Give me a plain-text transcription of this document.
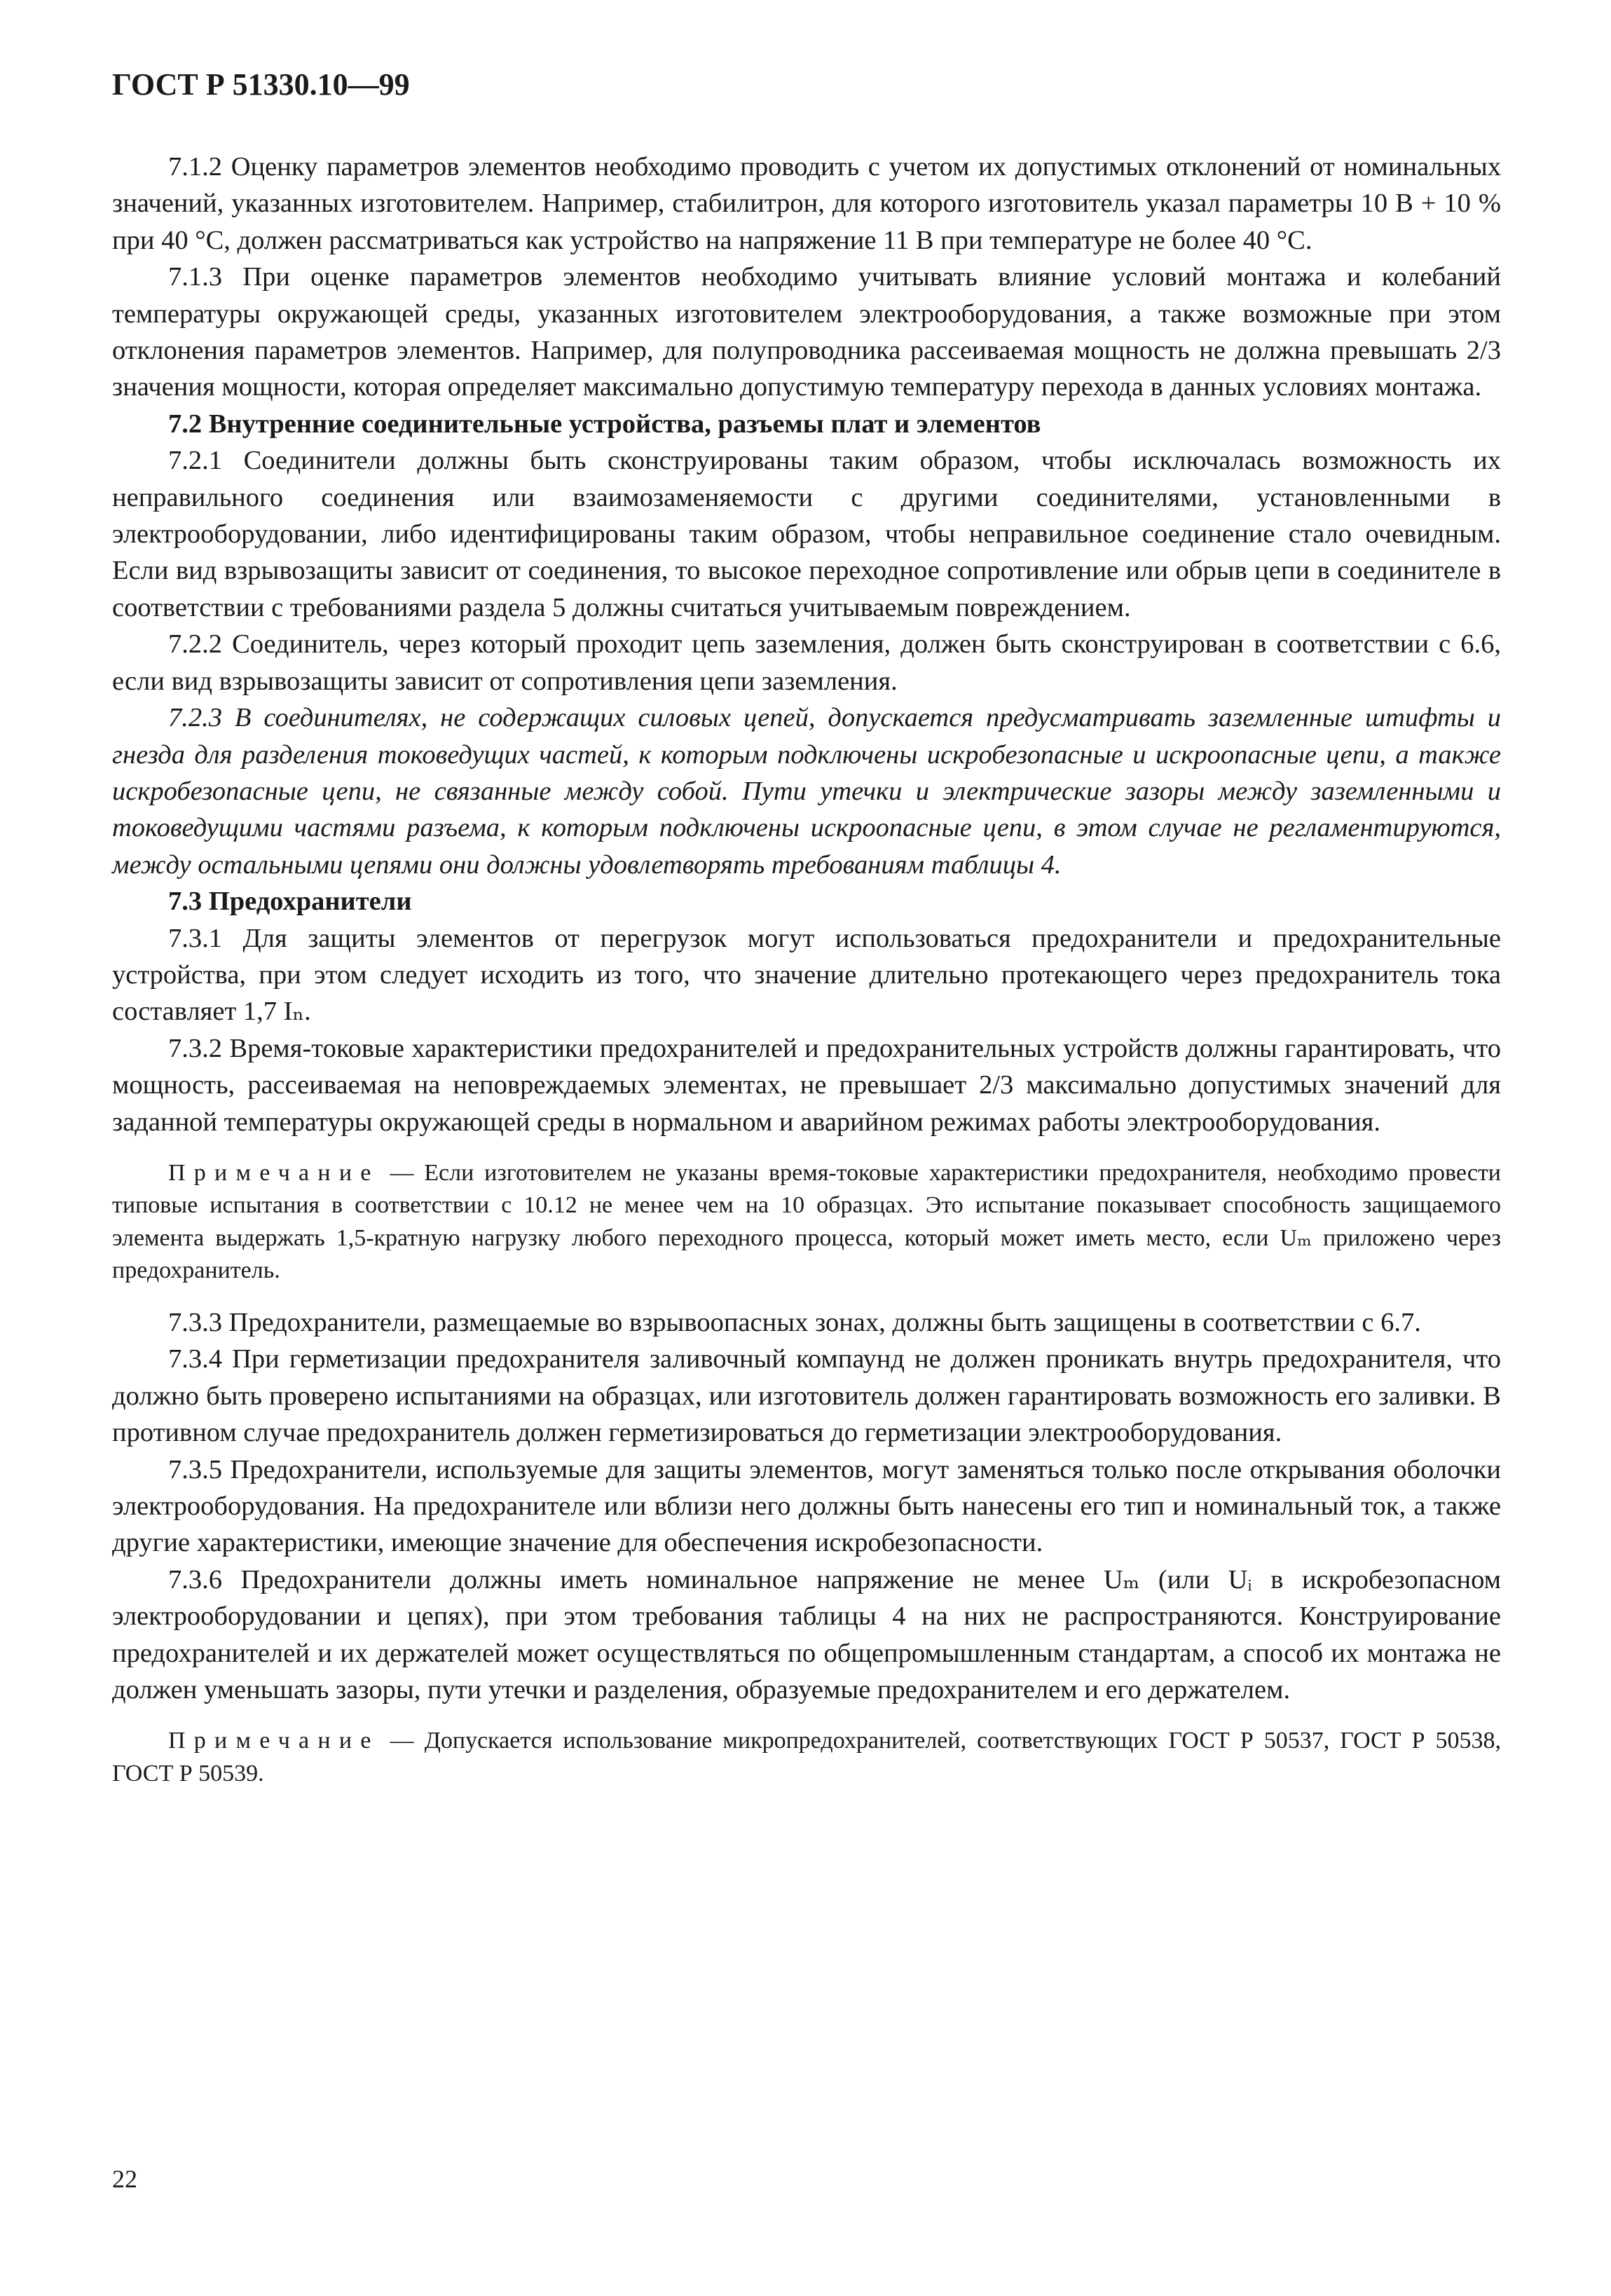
ГОСТ Р 51330.10—99

7.1.2 Оценку параметров элементов необходимо проводить с учетом их допустимых отклонений от номинальных значений, указанных изготовителем. Например, стабилитрон, для которого изготовитель указал параметры 10 В + 10 % при 40 °С, должен рассматриваться как устройство на напряжение 11 В при температуре не более 40 °С.

7.1.3 При оценке параметров элементов необходимо учитывать влияние условий монтажа и колебаний температуры окружающей среды, указанных изготовителем электрооборудования, а также возможные при этом отклонения параметров элементов. Например, для полупроводника рассеиваемая мощность не должна превышать 2/3 значения мощности, которая определяет максимально допустимую температуру перехода в данных условиях монтажа.

7.2 Внутренние соединительные устройства, разъемы плат и элементов

7.2.1 Соединители должны быть сконструированы таким образом, чтобы исключалась возможность их неправильного соединения или взаимозаменяемости с другими соединителями, установленными в электрооборудовании, либо идентифицированы таким образом, чтобы неправильное соединение стало очевидным. Если вид взрывозащиты зависит от соединения, то высокое переходное сопротивление или обрыв цепи в соединителе в соответствии с требованиями раздела 5 должны считаться учитываемым повреждением.

7.2.2 Соединитель, через который проходит цепь заземления, должен быть сконструирован в соответствии с 6.6, если вид взрывозащиты зависит от сопротивления цепи заземления.

7.2.3 В соединителях, не содержащих силовых цепей, допускается предусматривать заземленные штифты и гнезда для разделения токоведущих частей, к которым подключены искробезопасные и искроопасные цепи, а также искробезопасные цепи, не связанные между собой. Пути утечки и электрические зазоры между заземленными и токоведущими частями разъема, к которым подключены искроопасные цепи, в этом случае не регламентируются, между остальными цепями они должны удовлетворять требованиям таблицы 4.

7.3 Предохранители

7.3.1 Для защиты элементов от перегрузок могут использоваться предохранители и предохранительные устройства, при этом следует исходить из того, что значение длительно протекающего через предохранитель тока составляет 1,7 Iₙ.

7.3.2 Время-токовые характеристики предохранителей и предохранительных устройств должны гарантировать, что мощность, рассеиваемая на неповреждаемых элементах, не превышает 2/3 максимально допустимых значений для заданной температуры окружающей среды в нормальном и аварийном режимах работы электрооборудования.

Примечание — Если изготовителем не указаны время-токовые характеристики предохранителя, необходимо провести типовые испытания в соответствии с 10.12 не менее чем на 10 образцах. Это испытание показывает способность защищаемого элемента выдержать 1,5-кратную нагрузку любого переходного процесса, который может иметь место, если Uₘ приложено через предохранитель.

7.3.3 Предохранители, размещаемые во взрывоопасных зонах, должны быть защищены в соответствии с 6.7.

7.3.4 При герметизации предохранителя заливочный компаунд не должен проникать внутрь предохранителя, что должно быть проверено испытаниями на образцах, или изготовитель должен гарантировать возможность его заливки. В противном случае предохранитель должен герметизироваться до герметизации электрооборудования.

7.3.5 Предохранители, используемые для защиты элементов, могут заменяться только после открывания оболочки электрооборудования. На предохранителе или вблизи него должны быть нанесены его тип и номинальный ток, а также другие характеристики, имеющие значение для обеспечения искробезопасности.

7.3.6 Предохранители должны иметь номинальное напряжение не менее Uₘ (или Uᵢ в искробезопасном электрооборудовании и цепях), при этом требования таблицы 4 на них не распространяются. Конструирование предохранителей и их держателей может осуществляться по общепромышленным стандартам, а способ их монтажа не должен уменьшать зазоры, пути утечки и разделения, образуемые предохранителем и его держателем.

Примечание — Допускается использование микропредохранителей, соответствующих ГОСТ Р 50537, ГОСТ Р 50538, ГОСТ Р 50539.

22
